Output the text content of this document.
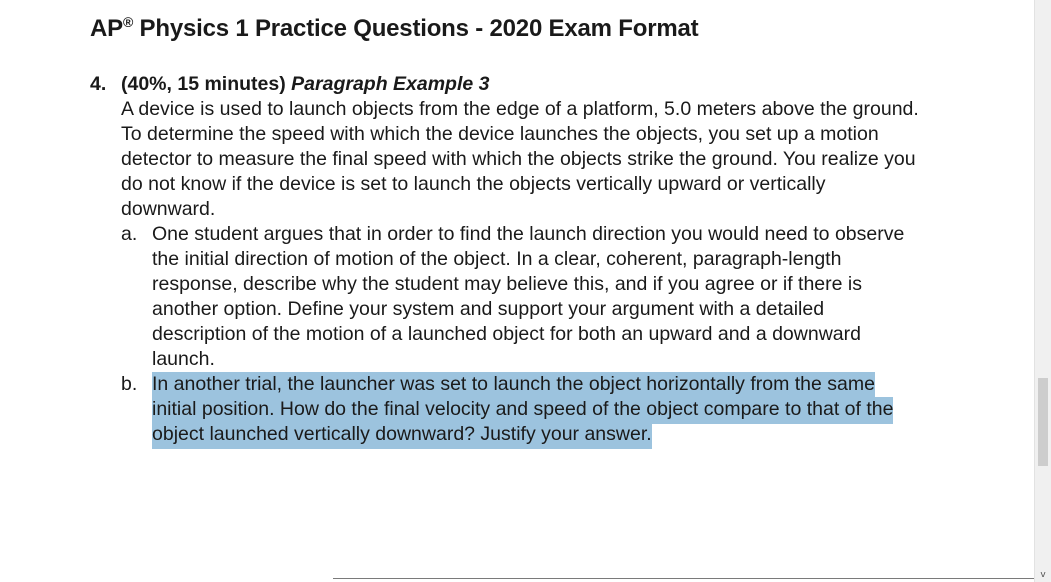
AP® Physics 1 Practice Questions - 2020 Exam Format
4. (40%, 15 minutes)
Paragraph Example 3
A device is used to launch objects from the edge of a platform, 5.0 meters above the ground. To determine the speed with which the device launches the objects, you set up a motion detector to measure the final speed with which the objects strike the ground. You realize you do not know if the device is set to launch the objects vertically upward or vertically downward.
a. One student argues that in order to find the launch direction you would need to observe the initial direction of motion of the object. In a clear, coherent, paragraph-length response, describe why the student may believe this, and if you agree or if there is another option. Define your system and support your argument with a detailed description of the motion of a launched object for both an upward and a downward launch.
b. In another trial, the launcher was set to launch the object horizontally from the same initial position. How do the final velocity and speed of the object compare to that of the object launched vertically downward? Justify your answer.
v
